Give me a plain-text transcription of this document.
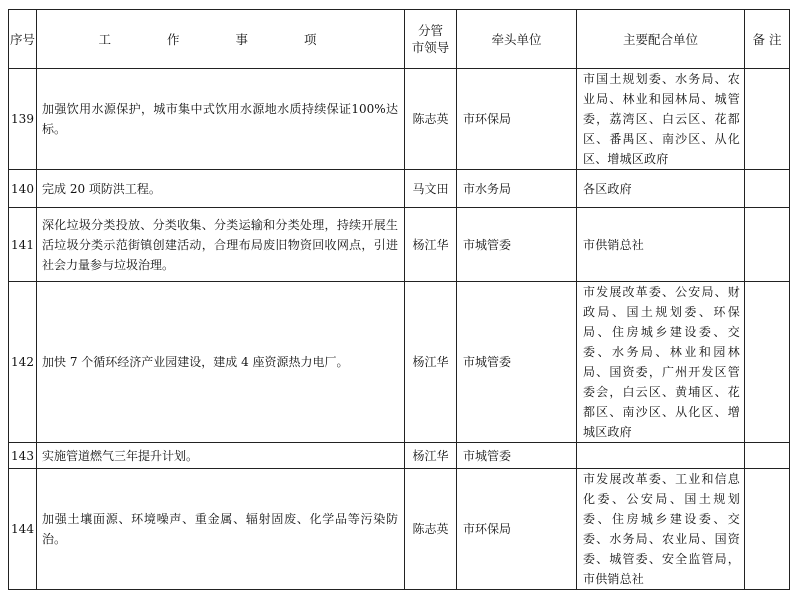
序号	工 作 事 项	分管
市领导	牵头单位	主要配合单位	备 注
139	加强饮用水源保护，城市集中式饮用水源地水质持续保证100%达标。	陈志英	市环保局	市国土规划委、水务局、农业局、林业和园林局、城管委，荔湾区、白云区、花都区、番禺区、南沙区、从化区、增城区政府	
140	完成 20 项防洪工程。	马文田	市水务局	各区政府	
141	深化垃圾分类投放、分类收集、分类运输和分类处理，持续开展生活垃圾分类示范街镇创建活动，合理布局废旧物资回收网点，引进社会力量参与垃圾治理。	杨江华	市城管委	市供销总社	
142	加快 7 个循环经济产业园建设，建成 4 座资源热力电厂。	杨江华	市城管委	市发展改革委、公安局、财政局、国土规划委、环保局、住房城乡建设委、交委、水务局、林业和园林局、国资委，广州开发区管委会，白云区、黄埔区、花都区、南沙区、从化区、增城区政府	
143	实施管道燃气三年提升计划。	杨江华	市城管委		
144	加强土壤面源、环境噪声、重金属、辐射固废、化学品等污染防治。	陈志英	市环保局	市发展改革委、工业和信息化委、公安局、国土规划委、住房城乡建设委、交委、水务局、农业局、国资委、城管委、安全监管局，市供销总社	
